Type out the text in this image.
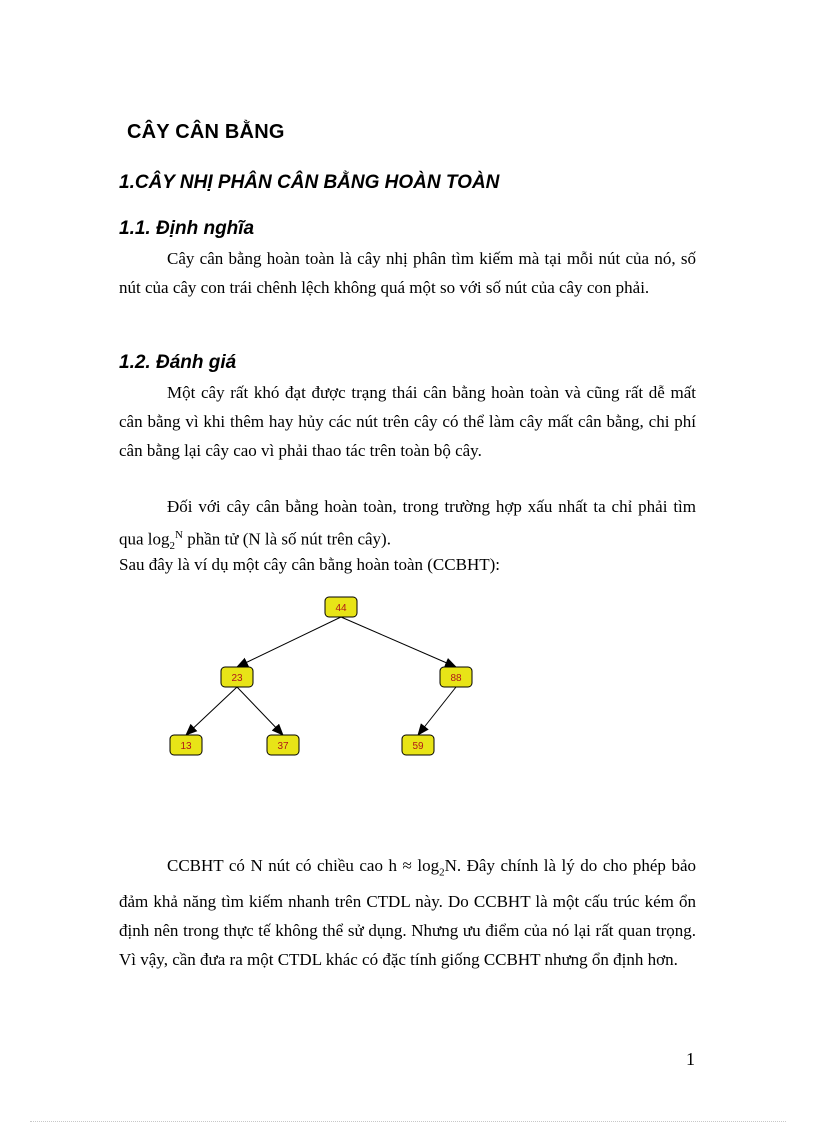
CÂY CÂN BẰNG
1.CÂY NHỊ PHÂN CÂN BẰNG HOÀN TOÀN
1.1. Định nghĩa

Cây cân bằng hoàn toàn là cây nhị phân tìm kiếm mà tại mỗi nút của nó, số nút của cây con trái chênh lệch không quá một so với số nút của cây con phải.

1.2. Đánh giá

Một cây rất khó đạt được trạng thái cân bằng hoàn toàn và cũng rất dễ mất cân bằng vì khi thêm hay hủy các nút trên cây có thể làm cây mất cân bằng, chi phí cân bằng lại cây cao vì phải thao tác trên toàn bộ cây.

Đối với cây cân bằng hoàn toàn, trong trường hợp xấu nhất ta chỉ phải tìm qua $\log_2^N$ phần tử (N là số nút trên cây).

Sau đây là ví dụ một cây cân bằng hoàn toàn (CCBHT):
44
23	88
13	37	59

CCBHT có N nút có chiều cao $h \approx \log_2N$. Đây chính là lý do cho phép bảo đảm khả năng tìm kiếm nhanh trên CTDL này. Do CCBHT là một cấu trúc kém ổn định nên trong thực tế không thể sử dụng. Nhưng ưu điểm của nó lại rất quan trọng. Vì vậy, cần đưa ra một CTDL khác có đặc tính giống CCBHT nhưng ổn định hơn.

1
